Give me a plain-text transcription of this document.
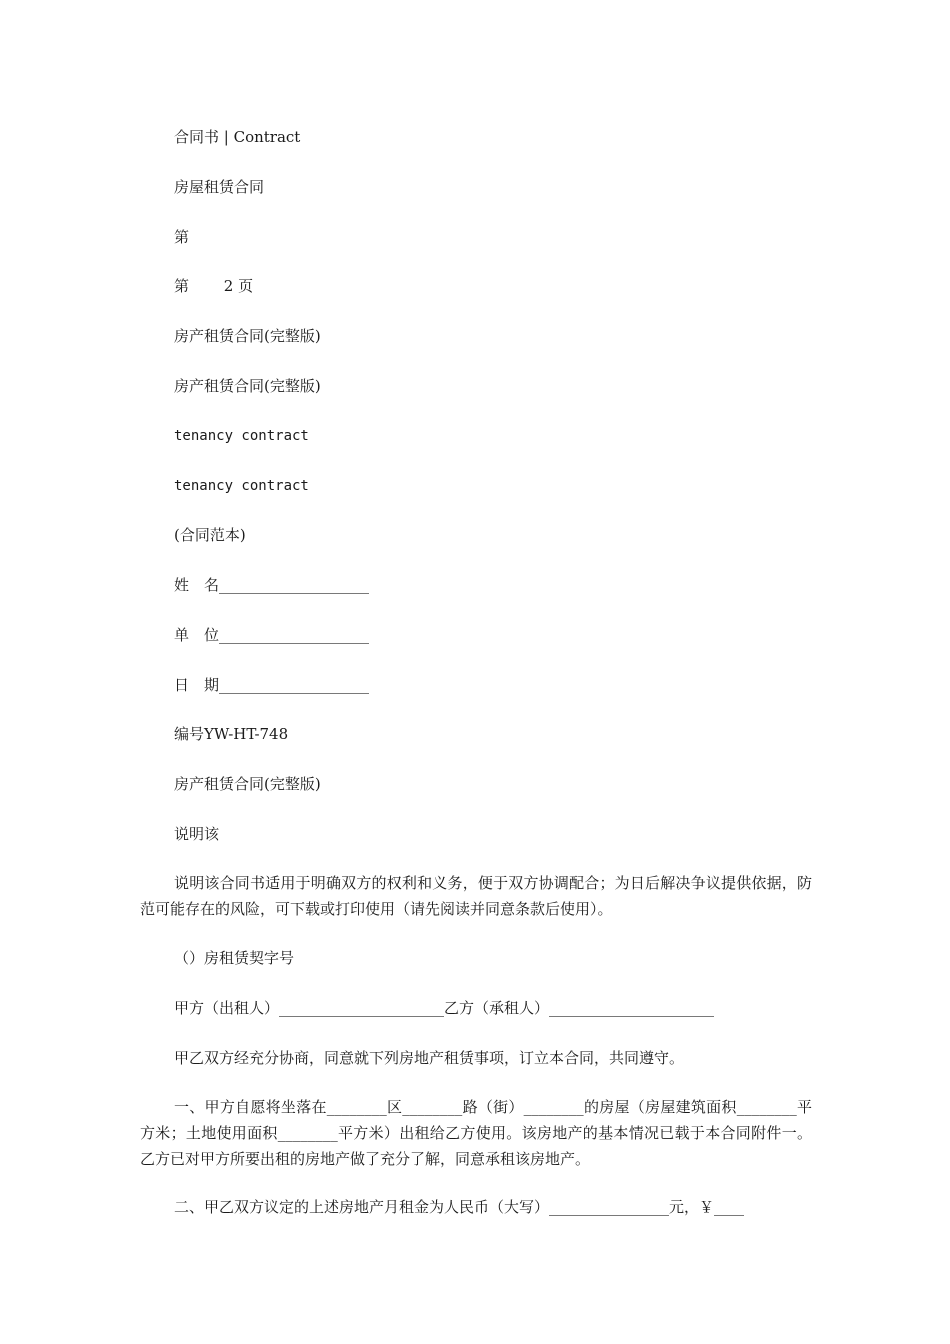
合同书 | Contract
房屋租赁合同
第
第　　 2 页
房产租赁合同(完整版)
房产租赁合同(完整版)
tenancy contract
tenancy contract
(合同范本)
姓　名____________________
单　位____________________
日　期____________________
编号YW-HT-748
房产租赁合同(完整版)
说明该
说明该合同书适用于明确双方的权利和义务，便于双方协调配合；为日后解决争议提供依据，防范可能存在的风险，可下载或打印使用（请先阅读并同意条款后使用）。
（）房租赁契字号
甲方（出租人）______________________乙方（承租人）______________________
甲乙双方经充分协商，同意就下列房地产租赁事项，订立本合同，共同遵守。
一、甲方自愿将坐落在________区________路（街）________的房屋（房屋建筑面积________平方米；土地使用面积________平方米）出租给乙方使用。该房地产的基本情况已载于本合同附件一。乙方已对甲方所要出租的房地产做了充分了解，同意承租该房地产。
二、甲乙双方议定的上述房地产月租金为人民币（大写）________________元，￥____
